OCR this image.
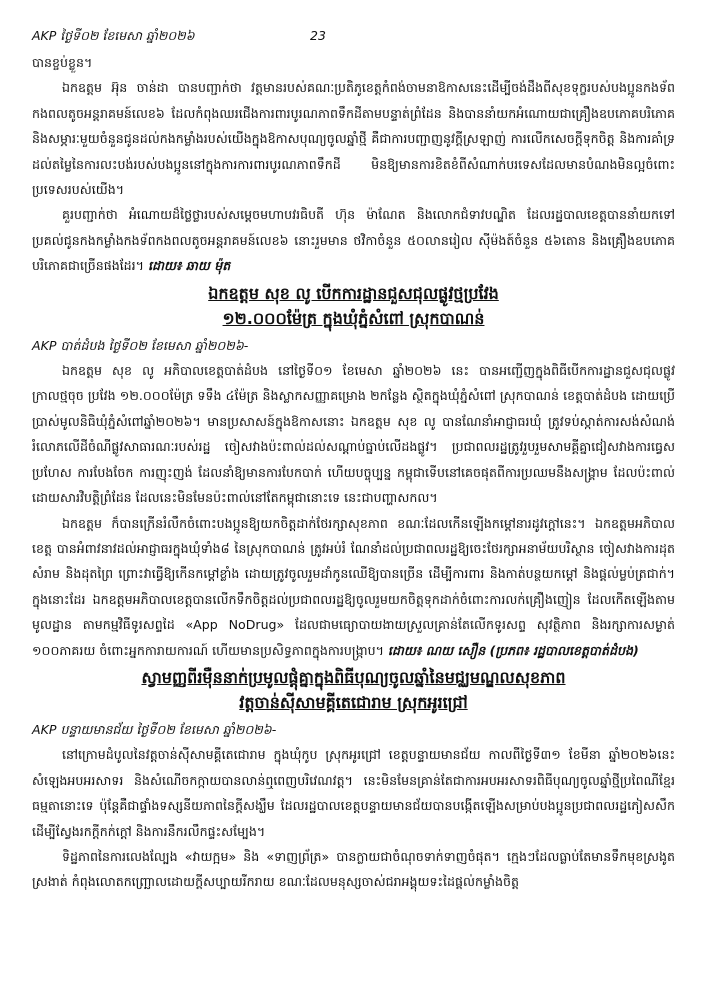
AKP ថ្ងៃទី០២ ខែមេសា ឆ្នាំ២០២៦	23

បានខ្ចប់ខ្លួន។

ឯកឧត្តម អ៊ុន ចាន់ដា បានបញ្ជាក់ថា វត្តមានរបស់គណៈប្រតិភូខេត្តកំពង់ចាមនាឱកាសនេះដើម្បីចង់ដឹងពីសុខទុក្ខរបស់បងប្អូនកងទ័ពកងពលតូចអន្តរាគមន៍លេខ៦ ដែលកំពុងឈរជើងការពារបូរណភាពទឹកដីតាមបន្ទាត់ព្រំដែន និងបាននាំយកអំណោយជាគ្រឿងឧបភោគបរិភោគ និងសម្ភារៈមួយចំនួនជូនដល់កងកម្លាំងរបស់យើងក្នុងឱកាសបុណ្យចូលឆ្នាំថ្មី គឺជាការបញ្ជាញនូវក្តីស្រឡាញ់ ការលើកសេចក្តីទុកចិត្ត និងការគាំទ្រដល់តម្លៃនៃការលះបង់របស់បងប្អូននៅក្នុងការការពារបូរណភាពទឹកដី មិនឱ្យមានការខិតខំពីសំណាក់បរទេសដែលមានបំណងមិនល្អចំពោះប្រទេសរបស់យើង។

គួរបញ្ជាក់ថា អំណោយដ៏ថ្លៃថ្លារបស់សម្តេចមហាបវរធិបតី ហ៊ុន ម៉ាណែត និងលោកជំទាវបណ្ឌិត ដែលរដ្ឋបាលខេត្តបាននាំយកទៅប្រគល់ជូនកងកម្លាំងកងទ័ពកងពលតូចអន្តរាគមន៍លេខ៦ នោះរួមមាន ថវិកាចំនួន ៥០លានរៀល ស៊ីម៉ងត៍ចំនួន ៥៦តោន និងគ្រឿងឧបភោគបរិភោគជាច្រើនផងដែរ។ ដោយ៖ ឆាយ ម៉ុត

ឯកឧត្តម សុខ លូ បើកការដ្ឋានជួសជុលផ្លូវថ្មប្រវែង
១២.០០០ម៉ែត្រ ក្នុងឃុំភ្នំសំពៅ ស្រុកបាណន់
AKP បាត់ដំបង ថ្ងៃទី០២ ខែមេសា ឆ្នាំ២០២៦-

ឯកឧត្តម សុខ លូ អភិបាលខេត្តបាត់ដំបង នៅថ្ងៃទី០១ ខែមេសា ឆ្នាំ២០២៦ នេះ បានអញ្ជើញក្នុងពិធីបើកការដ្ឋានជួសជុលផ្លូវក្រាលថ្មចុច ប្រវែង ១២.០០០ម៉ែត្រ ទទឹង ៤ម៉ែត្រ និងស្លាកសញ្ញាគម្រោង ២កន្លែង ស្ថិតក្នុងឃុំភ្នំសំពៅ ស្រុកបាណន់ ខេត្តបាត់ដំបង ដោយប្រើប្រាស់មូលនិធិឃុំភ្នំសំពៅឆ្នាំ២០២៦។ មានប្រសាសន៍ក្នុងឱកាសនោះ ឯកឧត្តម សុខ លូ បានណែនាំអាជ្ញាធរឃុំ ត្រូវទប់ស្កាត់ការសង់សំណង់រំលោភលើដីចំណីផ្លូវសាធារណៈរបស់រដ្ឋ ចៀសវាងប៉ះពាល់ដល់សណ្តាប់ធ្នាប់លើដងផ្លូវ។ ប្រជាពលរដ្ឋត្រូវរួបរួមសាមគ្គីគ្នាជៀសវាងការធ្វេសប្រហែស ការបែងចែក ការញុះញង់ ដែលនាំឱ្យមានការបែកបាក់ ហើយបច្ចុប្បន្ន កម្ពុជាទើបនៅគេចផុតពីការប្រឈមនឹងសង្គ្រាម ដែលប៉ះពាល់ដោយសារវិបត្តិព្រំដែន ដែលនេះមិនមែនប៉ះពាល់នៅតែកម្ពុជានោះទេ នេះជាបញ្ហាសកល។

ឯកឧត្តម ក៏បានក្រើនរំលឹកចំពោះបងប្អូនឱ្យយកចិត្តដាក់ថែរក្សាសុខភាព ខណៈដែលកើនឡើងកម្តៅនារដូវក្តៅនេះ។ ឯកឧត្តមអភិបាលខេត្ត បានអំពាវនាវដល់អាជ្ញាធរក្នុងឃុំទាំង៨ នៃស្រុកបាណន់ ត្រូវអប់រំ ណែនាំដល់ប្រជាពលរដ្ឋឱ្យចេះថែរក្សាអនាម័យបរិស្ថាន ចៀសវាងការដុតសំរាម និងដុតព្រៃ ព្រោះវាធ្វើឱ្យកើនកម្តៅខ្លាំង ដោយត្រូវចូលរួមដាំកូនឈើឱ្យបានច្រើន ដើម្បីការពារ និងកាត់បន្ថយកម្តៅ និងផ្តល់ម្លប់ត្រជាក់។ ក្នុងនោះដែរ ឯកឧត្តមអភិបាលខេត្តបានលើកទឹកចិត្តដល់ប្រជាពលរដ្ឋឱ្យចូលរួមយកចិត្តទុកដាក់ចំពោះការលក់គ្រឿងញៀន ដែលកើតឡើងតាមមូលដ្ឋាន តាមកម្មវិធីទូរសព្ទដៃ «App NoDrug» ដែលជាមធ្យោបាយងាយស្រួលគ្រាន់តែលើកទូរសព្ទ សុវត្ថិភាព និងរក្សាការសម្ងាត់ ១០០ភាគរយ ចំពោះអ្នកការាយការណ៍ ហើយមានប្រសិទ្ធភាពក្នុងការបង្ក្រាប។ ដោយ៖ ណយ សឿន (ប្រភព៖ រដ្ឋបាលខេត្តបាត់ដំបង)

ស្វាមញ្ញពីរម៉ឺននាក់ប្រមូលផ្តុំគ្នាក្នុងពិធីបុណ្យចូលឆ្នាំនៃមជ្ឈមណ្ឌលសុខភាព
វត្តចាន់ស៊ីសាមគ្គីតេជោរាម ស្រុកអូរជ្រៅ
AKP បន្ទាយមានជ័យ ថ្ងៃទី០២ ខែមេសា ឆ្នាំ២០២៦-

នៅក្រោមដំបូលនៃវត្តចាន់ស៊ីសាមគ្គីតេជោរាម ក្នុងឃុំកូប ស្រុកអូរជ្រៅ ខេត្តបន្ទាយមានជ័យ កាលពីថ្ងៃទី៣១ ខែមីនា ឆ្នាំ២០២៦នេះ សំឡេងអបអរសាទរ និងសំណើចកក្កាយបានលាន់ឮពេញបរិវេណវត្ត។ នេះមិនមែនគ្រាន់តែជាការអបអរសាទរពិធីបុណ្យចូលឆ្នាំថ្មីប្រពៃណីខ្មែរធម្មតានោះទេ ប៉ុន្តែគឺជាផ្ទាំងទស្សនីយភាពនៃក្តីសង្ឃឹម ដែលរដ្ឋបាលខេត្តបន្ទាយមានជ័យបានបង្កើតឡើងសម្រាប់បងប្អូនប្រជាពលរដ្ឋភៀសសឹក ដើម្បីស្វែងរកក្តីកក់ក្តៅ និងការនឹករលឹកផ្ទះសម្បែង។

ទិដ្ឋភាពនៃការលេងល្បែង «វាយក្អម» និង «ទាញព្រ័ត្រ» បានក្លាយជាចំណុចទាក់ទាញចំផុត។ ក្មេងៗដែលធ្លាប់តែមានទឹកមុខស្រងូតស្រងាត់ កំពុងលោតកញ្ឆ្រោលដោយក្តីសប្បាយរីករាយ ខណៈដែលមនុស្សចាស់ជរាអង្គុយទះដៃផ្តល់កម្លាំងចិត្ត
